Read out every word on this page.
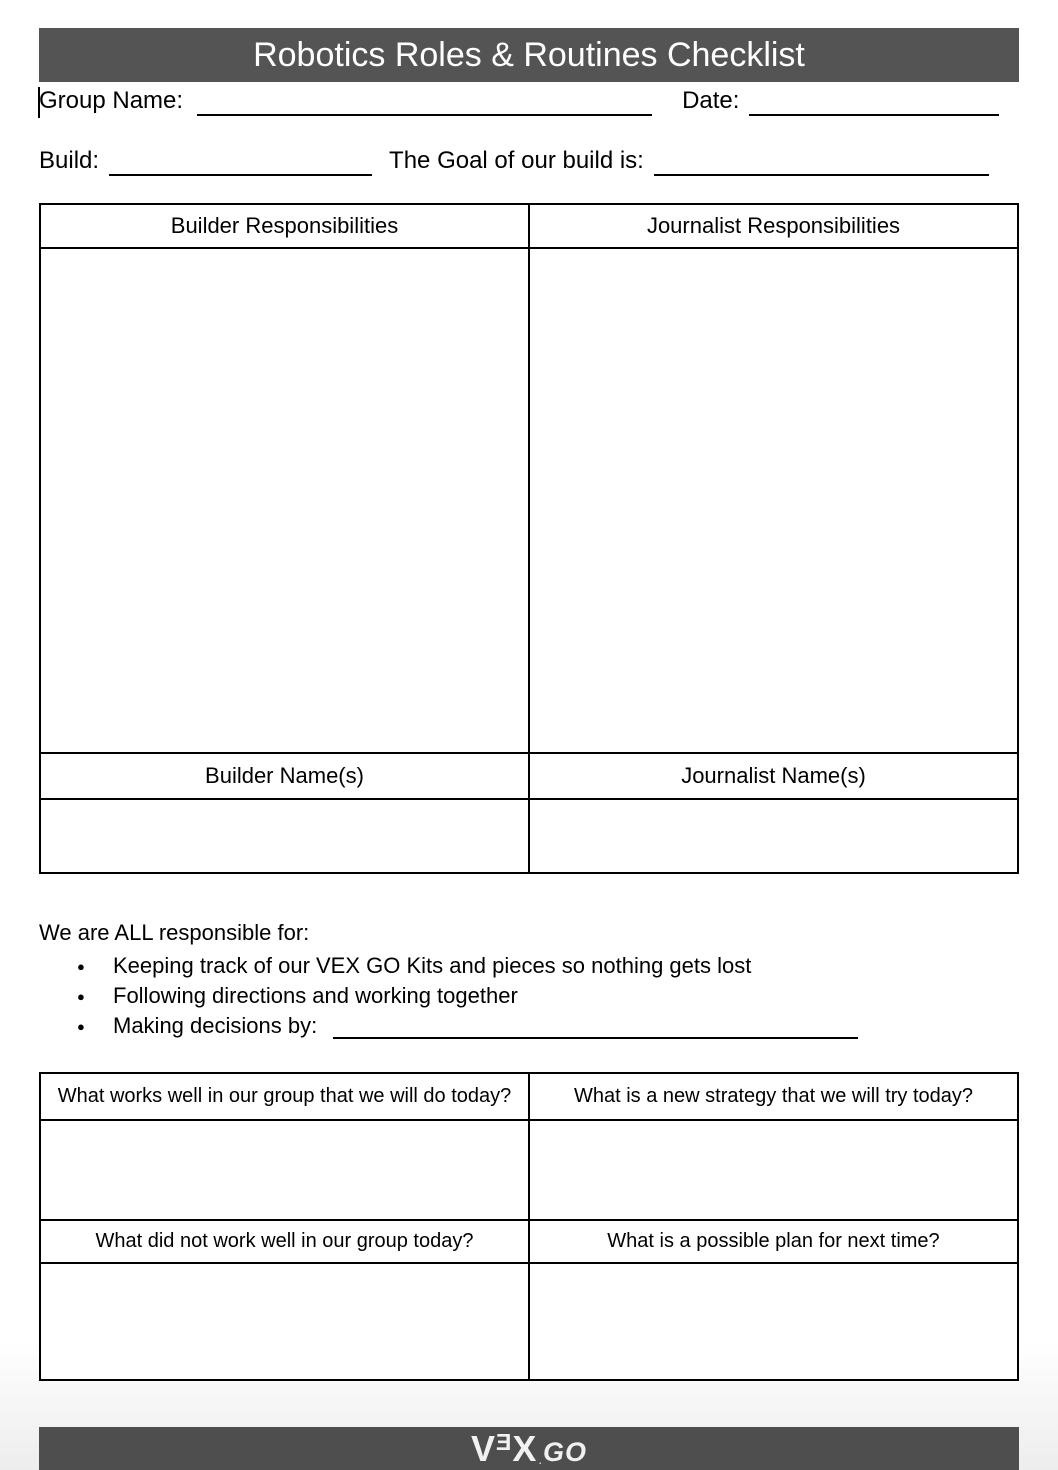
Robotics Roles & Routines Checklist
Group Name:	Date:
Build:	The Goal of our build is:
Builder Responsibilities	Journalist Responsibilities

Builder Name(s)	Journalist Name(s)

We are ALL responsible for:
● Keeping track of our VEX GO Kits and pieces so nothing gets lost
● Following directions and working together
● Making decisions by:
What works well in our group that we will do today?	What is a new strategy that we will try today?

What did not work well in our group today?	What is a possible plan for next time?

V Ǝ X . GO
